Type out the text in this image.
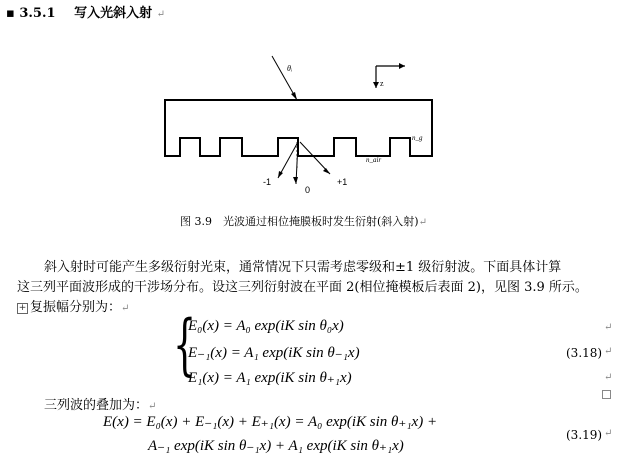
▪ 3.5.1 写入光斜入射 ↵
θᵢ
z
n_g
n_air
-1
0
+1
图 3.9　光波通过相位掩膜板时发生衍射(斜入射)↵
斜入射时可能产生多级衍射光束，通常情况下只需考虑零级和±1 级衍射波。下面具体计算
这三列平面波形成的干涉场分布。设这三列衍射波在平面 2(相位掩模板后表面 2)，见图 3.9 所示。
+ 复振幅分别为：↵ {
E₀(x) = A₀ exp(iK sin θ₀x)
E₋₁(x) = A₁ exp(iK sin θ₋₁x)
E₁(x) = A₁ exp(iK sin θ₊₁x)
(3.18)
↵
↵
↵
三列波的叠加为：↵
E(x) = E₀(x) + E₋₁(x) + E₊₁(x) = A₀ exp(iK sin θ₊₁x) +
A₋₁ exp(iK sin θ₋₁x) + A₁ exp(iK sin θ₊₁x)
(3.19) ↵
